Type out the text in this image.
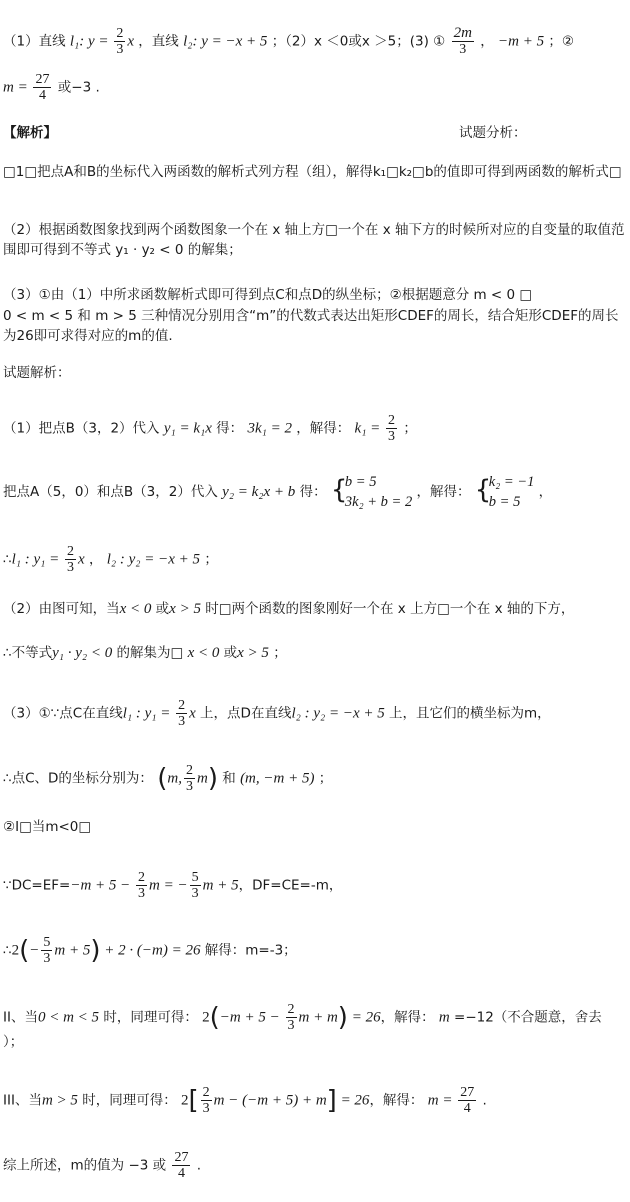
（1）直线 l₁: $y = \frac{2}{3}$ x ，直线 l₂: y = −x + 5 ；（2）x ＜0或x ＞5；(3) ① $\frac{2m}{3}$ ， −m + 5 ；②
$m = \frac{27}{4}$ 或−3 .
【解析】	试题分析：
□1□把点A和B的坐标代入两函数的解析式列方程（组），解得k₁□k₂□b的值即可得到两函数的解析式□
（2）根据函数图象找到两个函数图象一个在 x 轴上方□一个在 x 轴下方的时候所对应的自变量的取值范围即可得到不等式 y₁ · y₂ < 0 的解集；
（3）①由（1）中所求函数解析式即可得到点C和点D的纵坐标；②根据题意分 m < 0 □
0 < m < 5 和 m > 5 三种情况分别用含“m”的代数式表达出矩形CDEF的周长，结合矩形CDEF的周长为26即可求得对应的m的值.
试题解析：
（1）把点B（3，2）代入 y₁ = k₁x 得： 3k₁ = 2 ，解得： $k_1 = \frac{2}{3}$ ；
把点A（5，0）和点B（3，2）代入 y₂ = k₂x + b 得：
{ b = 5
3k₂ + b = 2
，解得：
{ k₂ = −1
b = 5
，
∴l₁ : $y_1 = \frac{2}{3}$ x ， l₂ : y₂ = −x + 5 ；
（2）由图可知，当x < 0 或x > 5 时□两个函数的图象刚好一个在 x 上方□一个在 x 轴的下方，
∴不等式y₁ · y₂ < 0 的解集为□ x < 0 或x > 5 ；
（3）①∵点C在直线l₁ : $y_1 = \frac{2}{3}$ x 上，点D在直线l₂ : y₂ = −x + 5 上，且它们的横坐标为m，
∴点C、D的坐标分别为： (m, $\frac{2}{3} m$) 和 (m, −m + 5) ；
②I□当m<0□
∵DC=EF=−m + $5 - \frac{2}{3}$ m = − $\frac{5}{3}$ m + 5，DF=CE=-m，
∴2(− $\frac{5}{3}$ m + 5) + 2 · (−m) = 26 解得：m=-3；
II、当0 < m < 5 时，同理可得： $2(-m + 5 - \frac{2}{3}$ m + m) = 26，解得： m =−12（不合题意，舍去
）；
III、当m > 5 时，同理可得： $2[ \frac{2}{3}$ m − (−m + 5) + m] = 26，解得： $m = \frac{27}{4}$ .
综上所述，m的值为 −3 或 $\frac{27}{4}$ .
